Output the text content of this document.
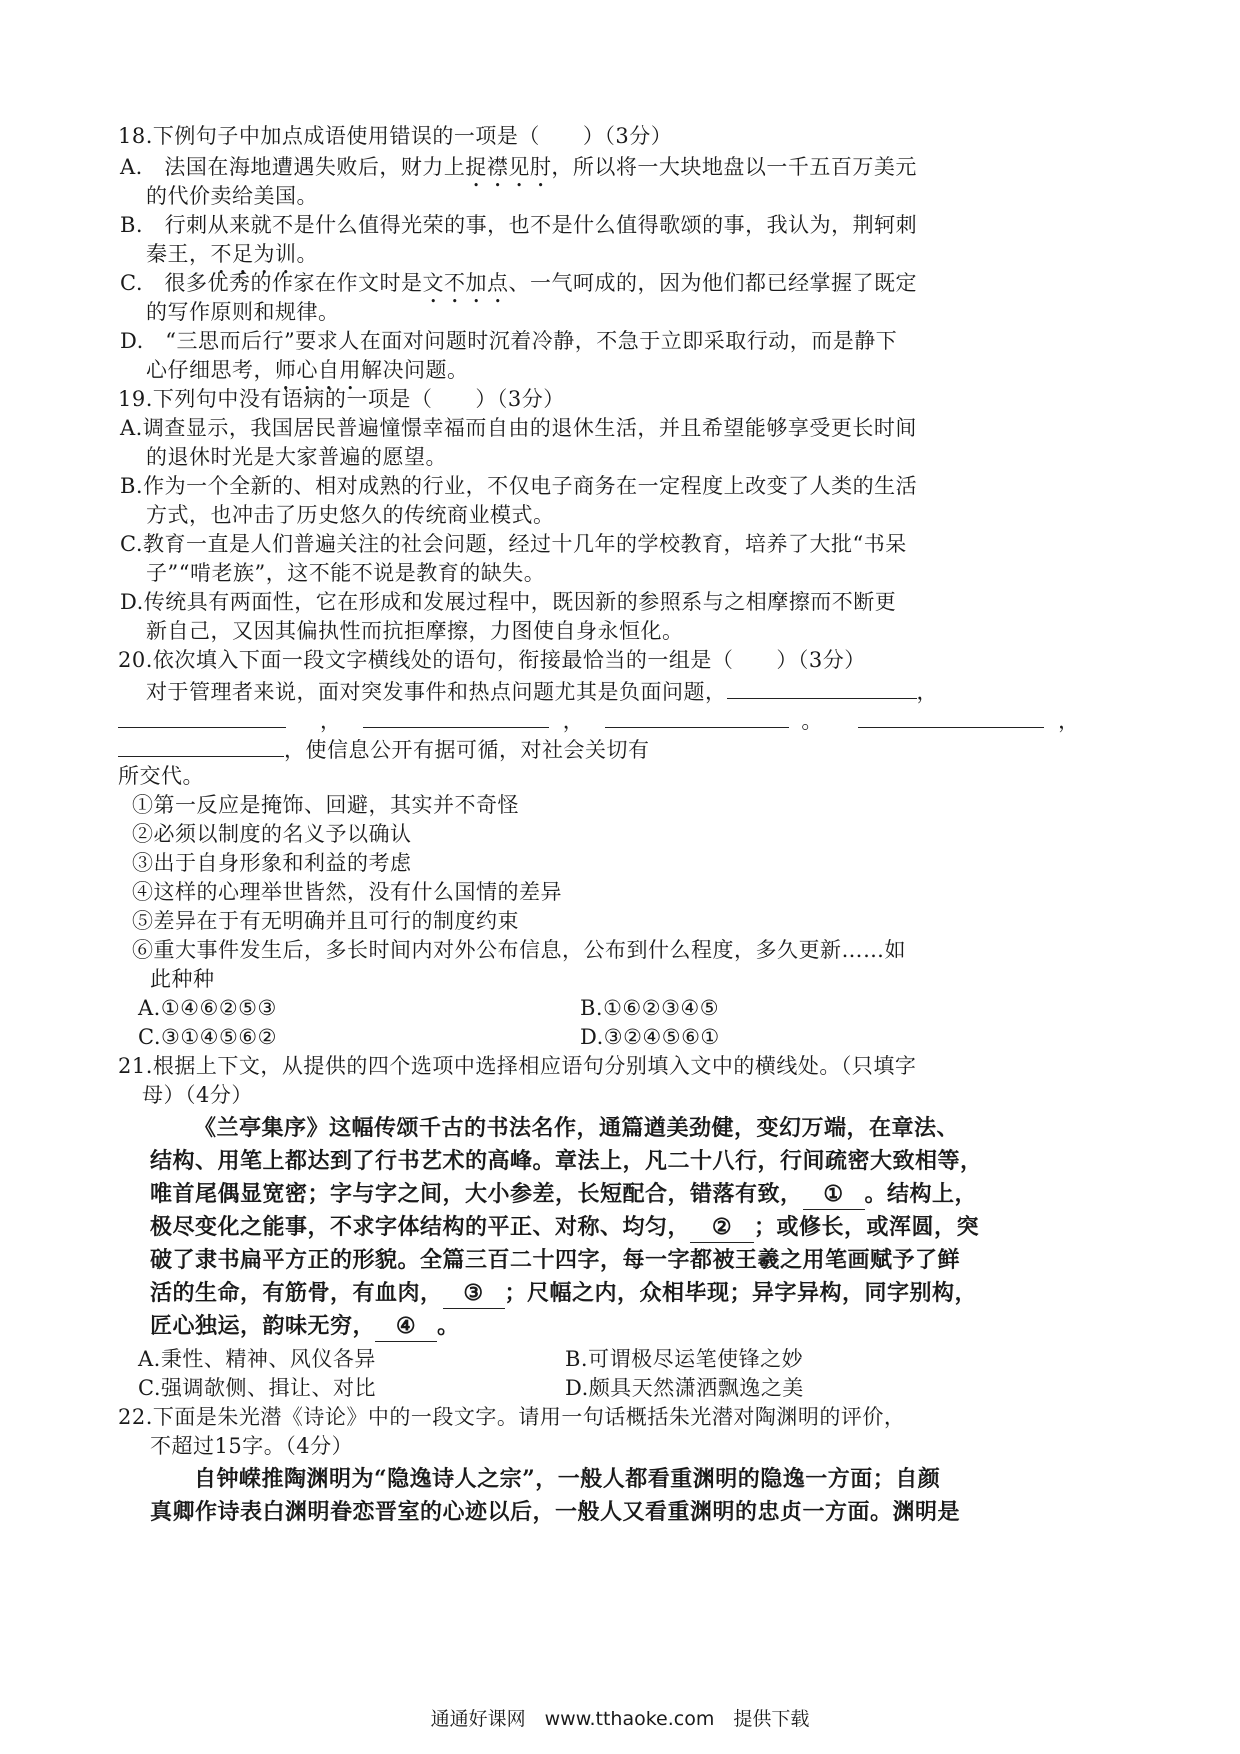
18.下例句子中加点成语使用错误的一项是（　　）（3分）
A.　法国在海地遭遇失败后，财力上捉襟见肘，所以将一大块地盘以一千五百万美元
的代价卖给美国。
B.　行刺从来就不是什么值得光荣的事，也不是什么值得歌颂的事，我认为，荆轲刺
秦王，不足为训。
C.　很多优秀的作家在作文时是文不加点、一气呵成的，因为他们都已经掌握了既定
的写作原则和规律。
D.　“三思而后行”要求人在面对问题时沉着冷静，不急于立即采取行动，而是静下
心仔细思考，师心自用解决问题。
19.下列句中没有语病的一项是（　　）（3分）
A.调查显示，我国居民普遍憧憬幸福而自由的退休生活，并且希望能够享受更长时间
的退休时光是大家普遍的愿望。
B.作为一个全新的、相对成熟的行业，不仅电子商务在一定程度上改变了人类的生活
方式，也冲击了历史悠久的传统商业模式。
C.教育一直是人们普遍关注的社会问题，经过十几年的学校教育，培养了大批“书呆
子”“啃老族”，这不能不说是教育的缺失。
D.传统具有两面性，它在形成和发展过程中，既因新的参照系与之相摩擦而不断更
新自己，又因其偏执性而抗拒摩擦，力图使自身永恒化。
20.依次填入下面一段文字横线处的语句，衔接最恰当的一组是（　　）（3分）
对于管理者来说，面对突发事件和热点问题尤其是负面问题，	，
，	，	。	，
，使信息公开有据可循，对社会关切有
所交代。
①第一反应是掩饰、回避，其实并不奇怪
②必须以制度的名义予以确认
③出于自身形象和利益的考虑
④这样的心理举世皆然，没有什么国情的差异
⑤差异在于有无明确并且可行的制度约束
⑥重大事件发生后，多长时间内对外公布信息，公布到什么程度，多久更新……如
此种种
A.①④⑥②⑤③	B.①⑥②③④⑤
C.③①④⑤⑥②	D.③②④⑤⑥①
21.根据上下文，从提供的四个选项中选择相应语句分别填入文中的横线处。（只填字
母）（4分）
《兰亭集序》这幅传颂千古的书法名作，通篇遒美劲健，变幻万端，在章法、
结构、用笔上都达到了行书艺术的高峰。章法上，凡二十八行，行间疏密大致相等，
唯首尾偶显宽密；字与字之间，大小参差，长短配合，错落有致， ① 。结构上，
极尽变化之能事，不求字体结构的平正、对称、均匀， ② ；或修长，或浑圆，突
破了隶书扁平方正的形貌。全篇三百二十四字，每一字都被王羲之用笔画赋予了鲜
活的生命，有筋骨，有血肉， ③ ；尺幅之内，众相毕现；异字异构，同字别构，
匠心独运，韵味无穷， ④ 。
A.秉性、精神、风仪各异	B.可谓极尽运笔使锋之妙
C.强调欹侧、揖让、对比	D.颇具天然潇洒飘逸之美
22.下面是朱光潜《诗论》中的一段文字。请用一句话概括朱光潜对陶渊明的评价，
不超过15字。（4分）
自钟嵘推陶渊明为“隐逸诗人之宗”，一般人都看重渊明的隐逸一方面；自颜
真卿作诗表白渊明眷恋晋室的心迹以后，一般人又看重渊明的忠贞一方面。渊明是
通通好课网　www.tthaoke.com　提供下载
